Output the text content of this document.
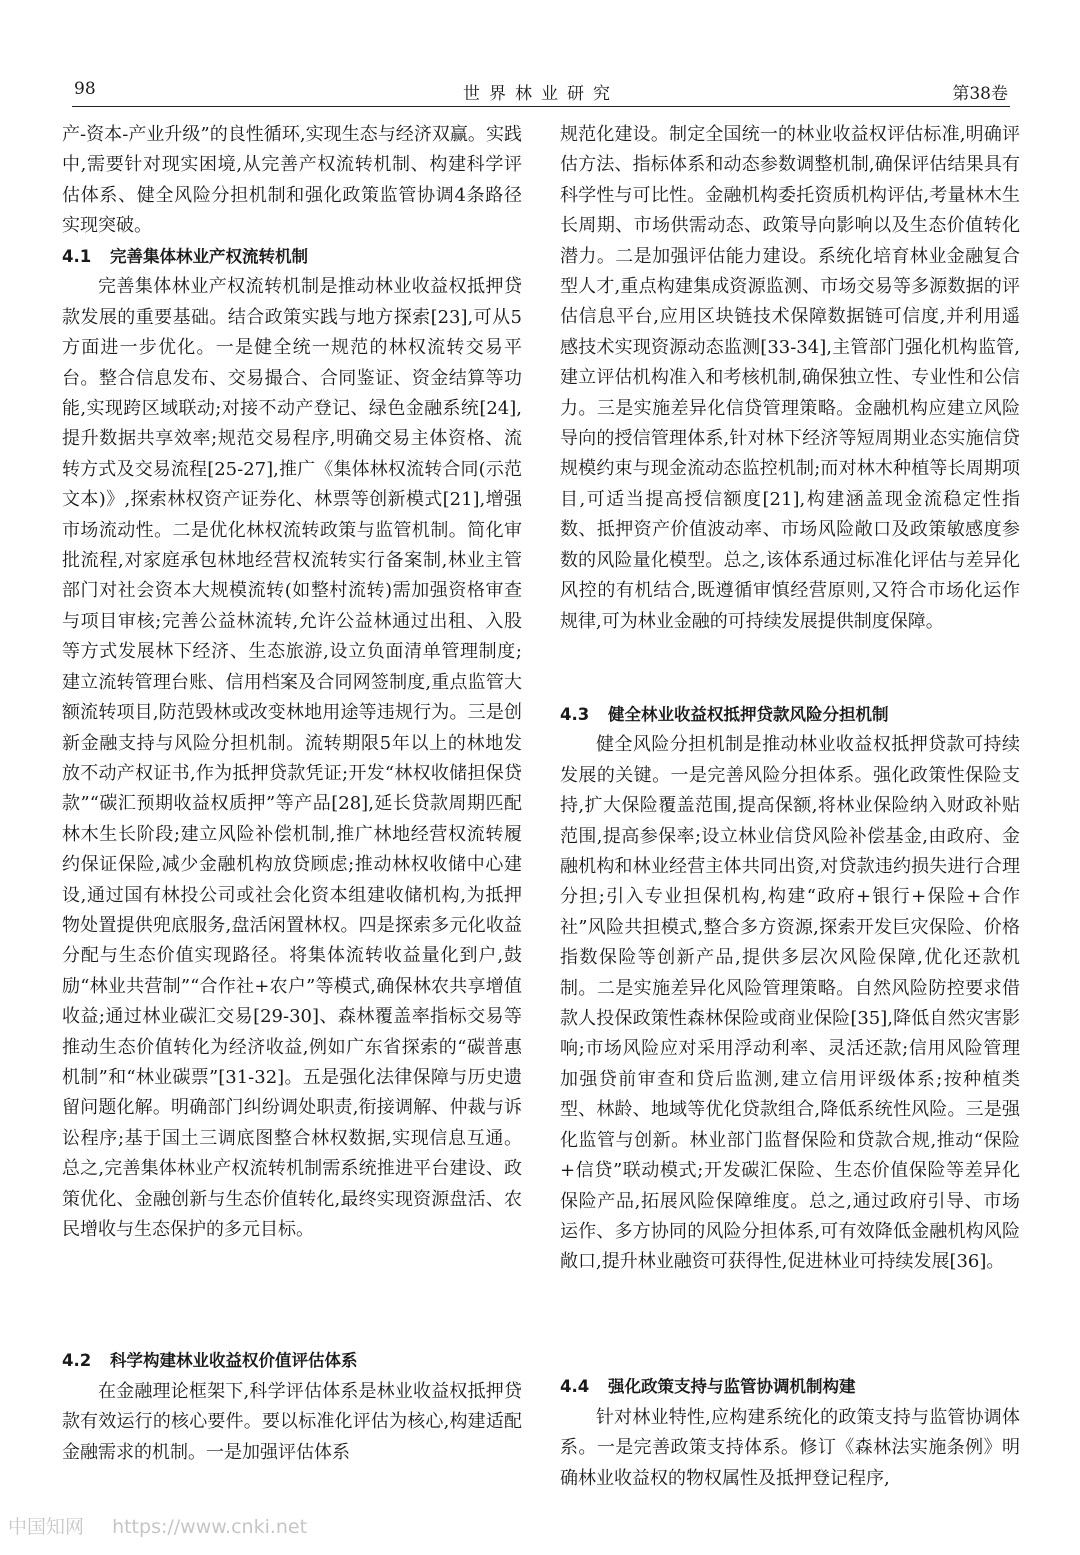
98	世界林业研究	第38卷

产-资本-产业升级”的良性循环,实现生态与经济双赢。实践中,需要针对现实困境,从完善产权流转机制、构建科学评估体系、健全风险分担机制和强化政策监管协调4条路径实现突破。

4.1 完善集体林业产权流转机制

完善集体林业产权流转机制是推动林业收益权抵押贷款发展的重要基础。结合政策实践与地方探索[23],可从5方面进一步优化。一是健全统一规范的林权流转交易平台。整合信息发布、交易撮合、合同鉴证、资金结算等功能,实现跨区域联动;对接不动产登记、绿色金融系统[24],提升数据共享效率;规范交易程序,明确交易主体资格、流转方式及交易流程[25-27],推广《集体林权流转合同(示范文本)》,探索林权资产证券化、林票等创新模式[21],增强市场流动性。二是优化林权流转政策与监管机制。简化审批流程,对家庭承包林地经营权流转实行备案制,林业主管部门对社会资本大规模流转(如整村流转)需加强资格审查与项目审核;完善公益林流转,允许公益林通过出租、入股等方式发展林下经济、生态旅游,设立负面清单管理制度;建立流转管理台账、信用档案及合同网签制度,重点监管大额流转项目,防范毁林或改变林地用途等违规行为。三是创新金融支持与风险分担机制。流转期限5年以上的林地发放不动产权证书,作为抵押贷款凭证;开发“林权收储担保贷款”“碳汇预期收益权质押”等产品[28],延长贷款周期匹配林木生长阶段;建立风险补偿机制,推广林地经营权流转履约保证保险,减少金融机构放贷顾虑;推动林权收储中心建设,通过国有林投公司或社会化资本组建收储机构,为抵押物处置提供兜底服务,盘活闲置林权。四是探索多元化收益分配与生态价值实现路径。将集体流转收益量化到户,鼓励“林业共营制”“合作社+农户”等模式,确保林农共享增值收益;通过林业碳汇交易[29-30]、森林覆盖率指标交易等推动生态价值转化为经济收益,例如广东省探索的“碳普惠机制”和“林业碳票”[31-32]。五是强化法律保障与历史遗留问题化解。明确部门纠纷调处职责,衔接调解、仲裁与诉讼程序;基于国土三调底图整合林权数据,实现信息互通。总之,完善集体林业产权流转机制需系统推进平台建设、政策优化、金融创新与生态价值转化,最终实现资源盘活、农民增收与生态保护的多元目标。

4.2 科学构建林业收益权价值评估体系

在金融理论框架下,科学评估体系是林业收益权抵押贷款有效运行的核心要件。要以标准化评估为核心,构建适配金融需求的机制。一是加强评估体系

规范化建设。制定全国统一的林业收益权评估标准,明确评估方法、指标体系和动态参数调整机制,确保评估结果具有科学性与可比性。金融机构委托资质机构评估,考量林木生长周期、市场供需动态、政策导向影响以及生态价值转化潜力。二是加强评估能力建设。系统化培育林业金融复合型人才,重点构建集成资源监测、市场交易等多源数据的评估信息平台,应用区块链技术保障数据链可信度,并利用遥感技术实现资源动态监测[33-34],主管部门强化机构监管,建立评估机构准入和考核机制,确保独立性、专业性和公信力。三是实施差异化信贷管理策略。金融机构应建立风险导向的授信管理体系,针对林下经济等短周期业态实施信贷规模约束与现金流动态监控机制;而对林木种植等长周期项目,可适当提高授信额度[21],构建涵盖现金流稳定性指数、抵押资产价值波动率、市场风险敞口及政策敏感度参数的风险量化模型。总之,该体系通过标准化评估与差异化风控的有机结合,既遵循审慎经营原则,又符合市场化运作规律,可为林业金融的可持续发展提供制度保障。

4.3 健全林业收益权抵押贷款风险分担机制

健全风险分担机制是推动林业收益权抵押贷款可持续发展的关键。一是完善风险分担体系。强化政策性保险支持,扩大保险覆盖范围,提高保额,将林业保险纳入财政补贴范围,提高参保率;设立林业信贷风险补偿基金,由政府、金融机构和林业经营主体共同出资,对贷款违约损失进行合理分担;引入专业担保机构,构建“政府+银行+保险+合作社”风险共担模式,整合多方资源,探索开发巨灾保险、价格指数保险等创新产品,提供多层次风险保障,优化还款机制。二是实施差异化风险管理策略。自然风险防控要求借款人投保政策性森林保险或商业保险[35],降低自然灾害影响;市场风险应对采用浮动利率、灵活还款;信用风险管理加强贷前审查和贷后监测,建立信用评级体系;按种植类型、林龄、地域等优化贷款组合,降低系统性风险。三是强化监管与创新。林业部门监督保险和贷款合规,推动“保险+信贷”联动模式;开发碳汇保险、生态价值保险等差异化保险产品,拓展风险保障维度。总之,通过政府引导、市场运作、多方协同的风险分担体系,可有效降低金融机构风险敞口,提升林业融资可获得性,促进林业可持续发展[36]。

4.4 强化政策支持与监管协调机制构建

针对林业特性,应构建系统化的政策支持与监管协调体系。一是完善政策支持体系。修订《森林法实施条例》明确林业收益权的物权属性及抵押登记程序,

中国知网 https://www.cnki.net
